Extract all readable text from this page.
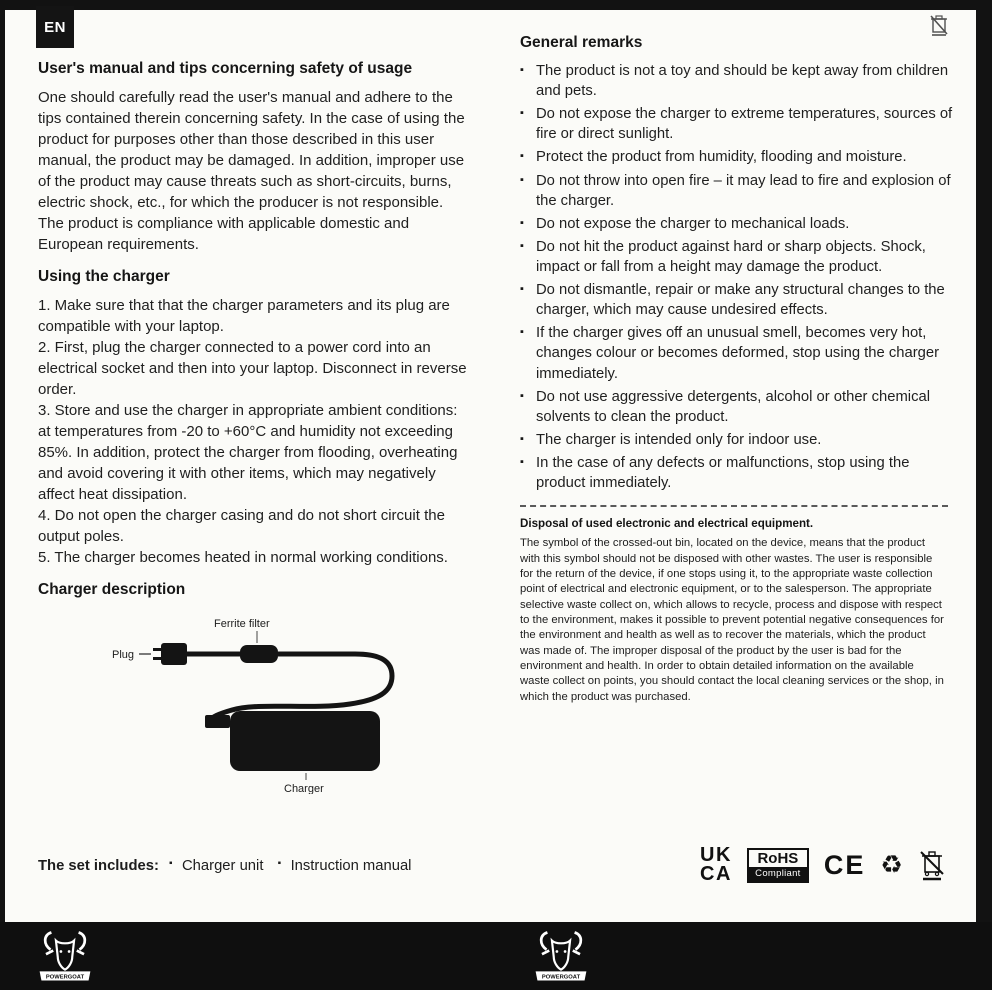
EN
User's manual and tips concerning safety of usage

One should carefully read the user's manual and adhere to the tips contained therein concerning safety. In the case of using the product for purposes other than those described in this user manual, the product may be damaged. In addition, improper use of the product may cause threats such as short-circuits, burns, electric shock, etc., for which the producer is not responsible. The product is compliance with applicable domestic and European requirements.

Using the charger

1. Make sure that that the charger parameters and its plug are compatible with your laptop.

2. First, plug the charger connected to a power cord into an electrical socket and then into your laptop. Disconnect in reverse order.

3. Store and use the charger in appropriate ambient conditions: at temperatures from -20 to +60°C and humidity not exceeding 85%. In addition, protect the charger from flooding, overheating and avoid covering it with other items, which may negatively affect heat dissipation.

4. Do not open the charger casing and do not short circuit the output poles.

5. The charger becomes heated in normal working conditions.

Charger description
Ferrite filter
Plug
Charger
The set includes: ▪ Charger unit ▪ Instruction manual
General remarks
▪ The product is not a toy and should be kept away from children and pets.
▪ Do not expose the charger to extreme temperatures, sources of fire or direct sunlight.
▪ Protect the product from humidity, flooding and moisture.
▪ Do not throw into open fire – it may lead to fire and explosion of the charger.
▪ Do not expose the charger to mechanical loads.
▪ Do not hit the product against hard or sharp objects. Shock, impact or fall from a height may damage the product.
▪ Do not dismantle, repair or make any structural changes to the charger, which may cause undesired effects.
▪ If the charger gives off an unusual smell, becomes very hot, changes colour or becomes deformed, stop using the charger immediately.
▪ Do not use aggressive detergents, alcohol or other chemical solvents to clean the product.
▪ The charger is intended only for indoor use.
▪ In the case of any defects or malfunctions, stop using the product immediately.

Disposal of used electronic and electrical equipment.

The symbol of the crossed-out bin, located on the device, means that the product with this symbol should not be disposed with other wastes. The user is responsible for the return of the device, if one stops using it, to the appropriate waste collection point of electrical and electronic equipment, or to the salesperson. The appropriate selective waste collect on, which allows to recycle, process and dispose with respect to the environment, makes it possible to prevent potential negative consequences for the environment and health as well as to recover the materials, which the product was made of. The improper disposal of the product by the user is bad for the environment and health. In order to obtain detailed information on the available waste collect on points, you should contact the local cleaning services or the shop, in which the product was purchased.

UK
CA
RoHS
Compliant CE ♻
POWERGOAT	POWERGOAT
